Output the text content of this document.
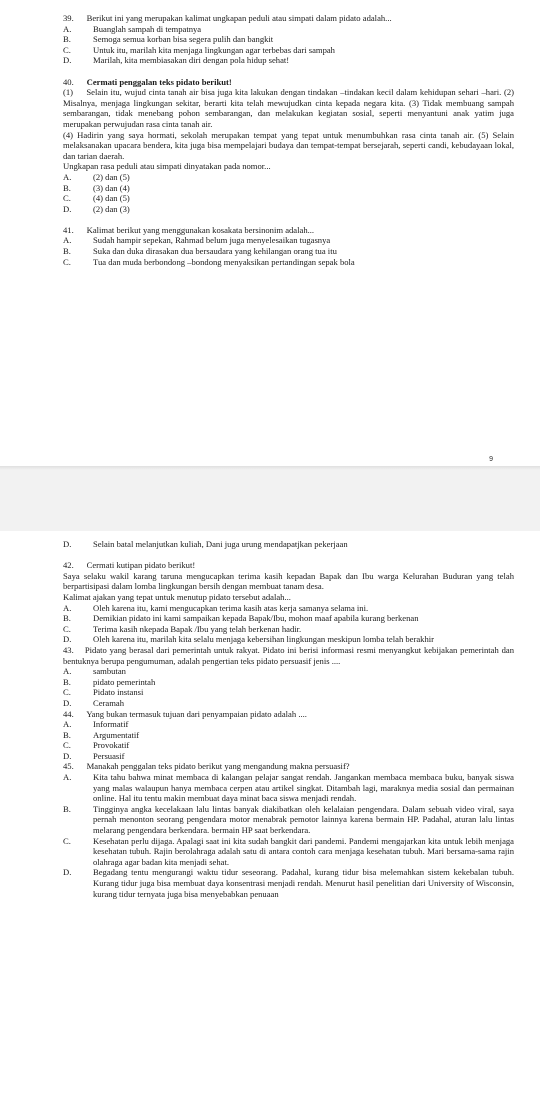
39.      Berikut ini yang merupakan kalimat ungkapan peduli atau simpati dalam pidato adalah...
A.	Buanglah sampah di tempatnya
B.	Semoga semua korban bisa segera pulih dan bangkit
C.	Untuk itu, marilah kita menjaga lingkungan agar terbebas dari sampah
D.	Marilah, kita membiasakan diri dengan pola hidup sehat!
40. Cermati penggalan teks pidato berikut!
(1)     Selain itu, wujud cinta tanah air bisa juga kita lakukan dengan tindakan –tindakan kecil dalam kehidupan sehari –hari. (2) Misalnya, menjaga lingkungan sekitar, berarti kita telah mewujudkan cinta kepada negara kita. (3) Tidak membuang sampah sembarangan, tidak menebang pohon sembarangan, dan melakukan kegiatan sosial, seperti menyantuni anak yatim juga merupakan perwujudan rasa cinta tanah air.
(4) Hadirin yang saya hormati, sekolah merupakan tempat yang tepat untuk menumbuhkan rasa cinta tanah air. (5) Selain melaksanakan upacara bendera, kita juga bisa mempelajari budaya dan tempat-tempat bersejarah, seperti candi, kebudayaan lokal, dan tarian daerah.
Ungkapan rasa peduli atau simpati dinyatakan pada nomor...
A.	(2) dan (5)
B.	(3) dan (4)
C.	(4) dan (5)
D.	(2) dan (3)
41.      Kalimat berikut yang menggunakan kosakata bersinonim adalah...
A.	Sudah hampir sepekan, Rahmad belum juga menyelesaikan tugasnya
B.	Suka dan duka dirasakan dua bersaudara yang kehilangan orang tua itu
C.	Tua dan muda berbondong –bondong menyaksikan pertandingan sepak bola
9
D.	Selain batal melanjutkan kuliah, Dani juga urung mendapatjkan pekerjaan
42.      Cermati kutipan pidato berikut!
Saya selaku wakil karang taruna mengucapkan terima kasih kepadan Bapak dan Ibu warga Kelurahan Buduran yang telah berpartisipasi dalam lomba lingkungan bersih dengan membuat tanam desa.
Kalimat ajakan yang tepat untuk menutup pidato tersebut adalah...
A.	Oleh karena itu, kami mengucapkan terima kasih atas kerja samanya selama ini.
B.	Demikian pidato ini kami sampaikan kepada Bapak/Ibu, mohon maaf apabila kurang berkenan
C.	Terima kasih nkepada Bapak /Ibu yang telah berkenan hadir.
D.	Oleh karena itu, marilah kita selalu menjaga kebersihan lingkungan meskipun lomba telah berakhir
43.    Pidato yang berasal dari pemerintah untuk rakyat. Pidato ini berisi informasi resmi menyangkut kebijakan pemerintah dan bentuknya berupa pengumuman, adalah pengertian teks pidato persuasif jenis ....
A.	sambutan
B.	pidato pemerintah
C.	Pidato instansi
D.	Ceramah
44.      Yang bukan termasuk tujuan dari penyampaian pidato adalah ....
A.	Informatif
B.	Argumentatif
C.	Provokatif
D.	Persuasif
45.      Manakah penggalan teks pidato berikut yang mengandung makna persuasif?
A.	Kita tahu bahwa minat membaca di kalangan pelajar sangat rendah. Jangankan membaca membaca buku, banyak siswa yang malas walaupun hanya membaca cerpen atau artikel singkat. Ditambah lagi, maraknya media sosial dan permainan online. Hal itu tentu makin membuat daya minat baca siswa menjadi rendah.
B.	Tingginya angka kecelakaan lalu lintas banyak diakibatkan oleh kelalaian pengendara. Dalam sebuah video viral, saya pernah menonton seorang pengendara motor menabrak pemotor lainnya karena bermain HP. Padahal, aturan lalu lintas melarang pengendara berkendara. bermain HP saat berkendara.
C.	Kesehatan perlu dijaga. Apalagi saat ini kita sudah bangkit dari pandemi. Pandemi mengajarkan kita untuk lebih menjaga kesehatan tubuh. Rajin berolahraga adalah satu di antara contoh cara menjaga kesehatan tubuh. Mari bersama-sama rajin olahraga agar badan kita menjadi sehat.
D.	Begadang tentu mengurangi waktu tidur seseorang. Padahal, kurang tidur bisa melemahkan sistem kekebalan tubuh. Kurang tidur juga bisa membuat daya konsentrasi menjadi rendah. Menurut hasil penelitian dari University of Wisconsin, kurang tidur ternyata juga bisa menyebabkan penuaan
